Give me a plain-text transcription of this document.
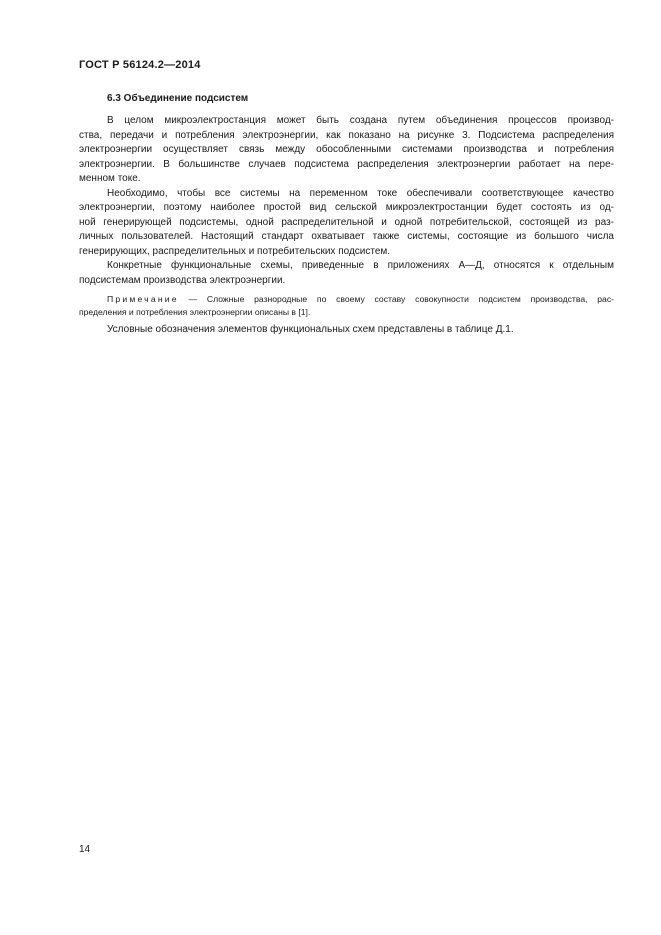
ГОСТ Р 56124.2—2014
6.3 Объединение подсистем
В целом микроэлектростанция может быть создана путем объединения процессов производ-
ства, передачи и потребления электроэнергии, как показано на рисунке 3. Подсистема распределения
электроэнергии осуществляет связь между обособленными системами производства и потребления
электроэнергии. В большинстве случаев подсистема распределения электроэнергии работает на пере-
менном токе.
Необходимо, чтобы все системы на переменном токе обеспечивали соответствующее качество
электроэнергии, поэтому наиболее простой вид сельской микроэлектростанции будет состоять из од-
ной генерирующей подсистемы, одной распределительной и одной потребительской, состоящей из раз-
личных пользователей. Настоящий стандарт охватывает также системы, состоящие из большого числа
генерирующих, распределительных и потребительских подсистем.
Конкретные функциональные схемы, приведенные в приложениях А—Д, относятся к отдельным
подсистемам производства электроэнергии.
Примечание — Сложные разнородные по своему составу совокупности подсистем производства, рас-
пределения и потребления электроэнергии описаны в [1].
Условные обозначения элементов функциональных схем представлены в таблице Д.1.
14
